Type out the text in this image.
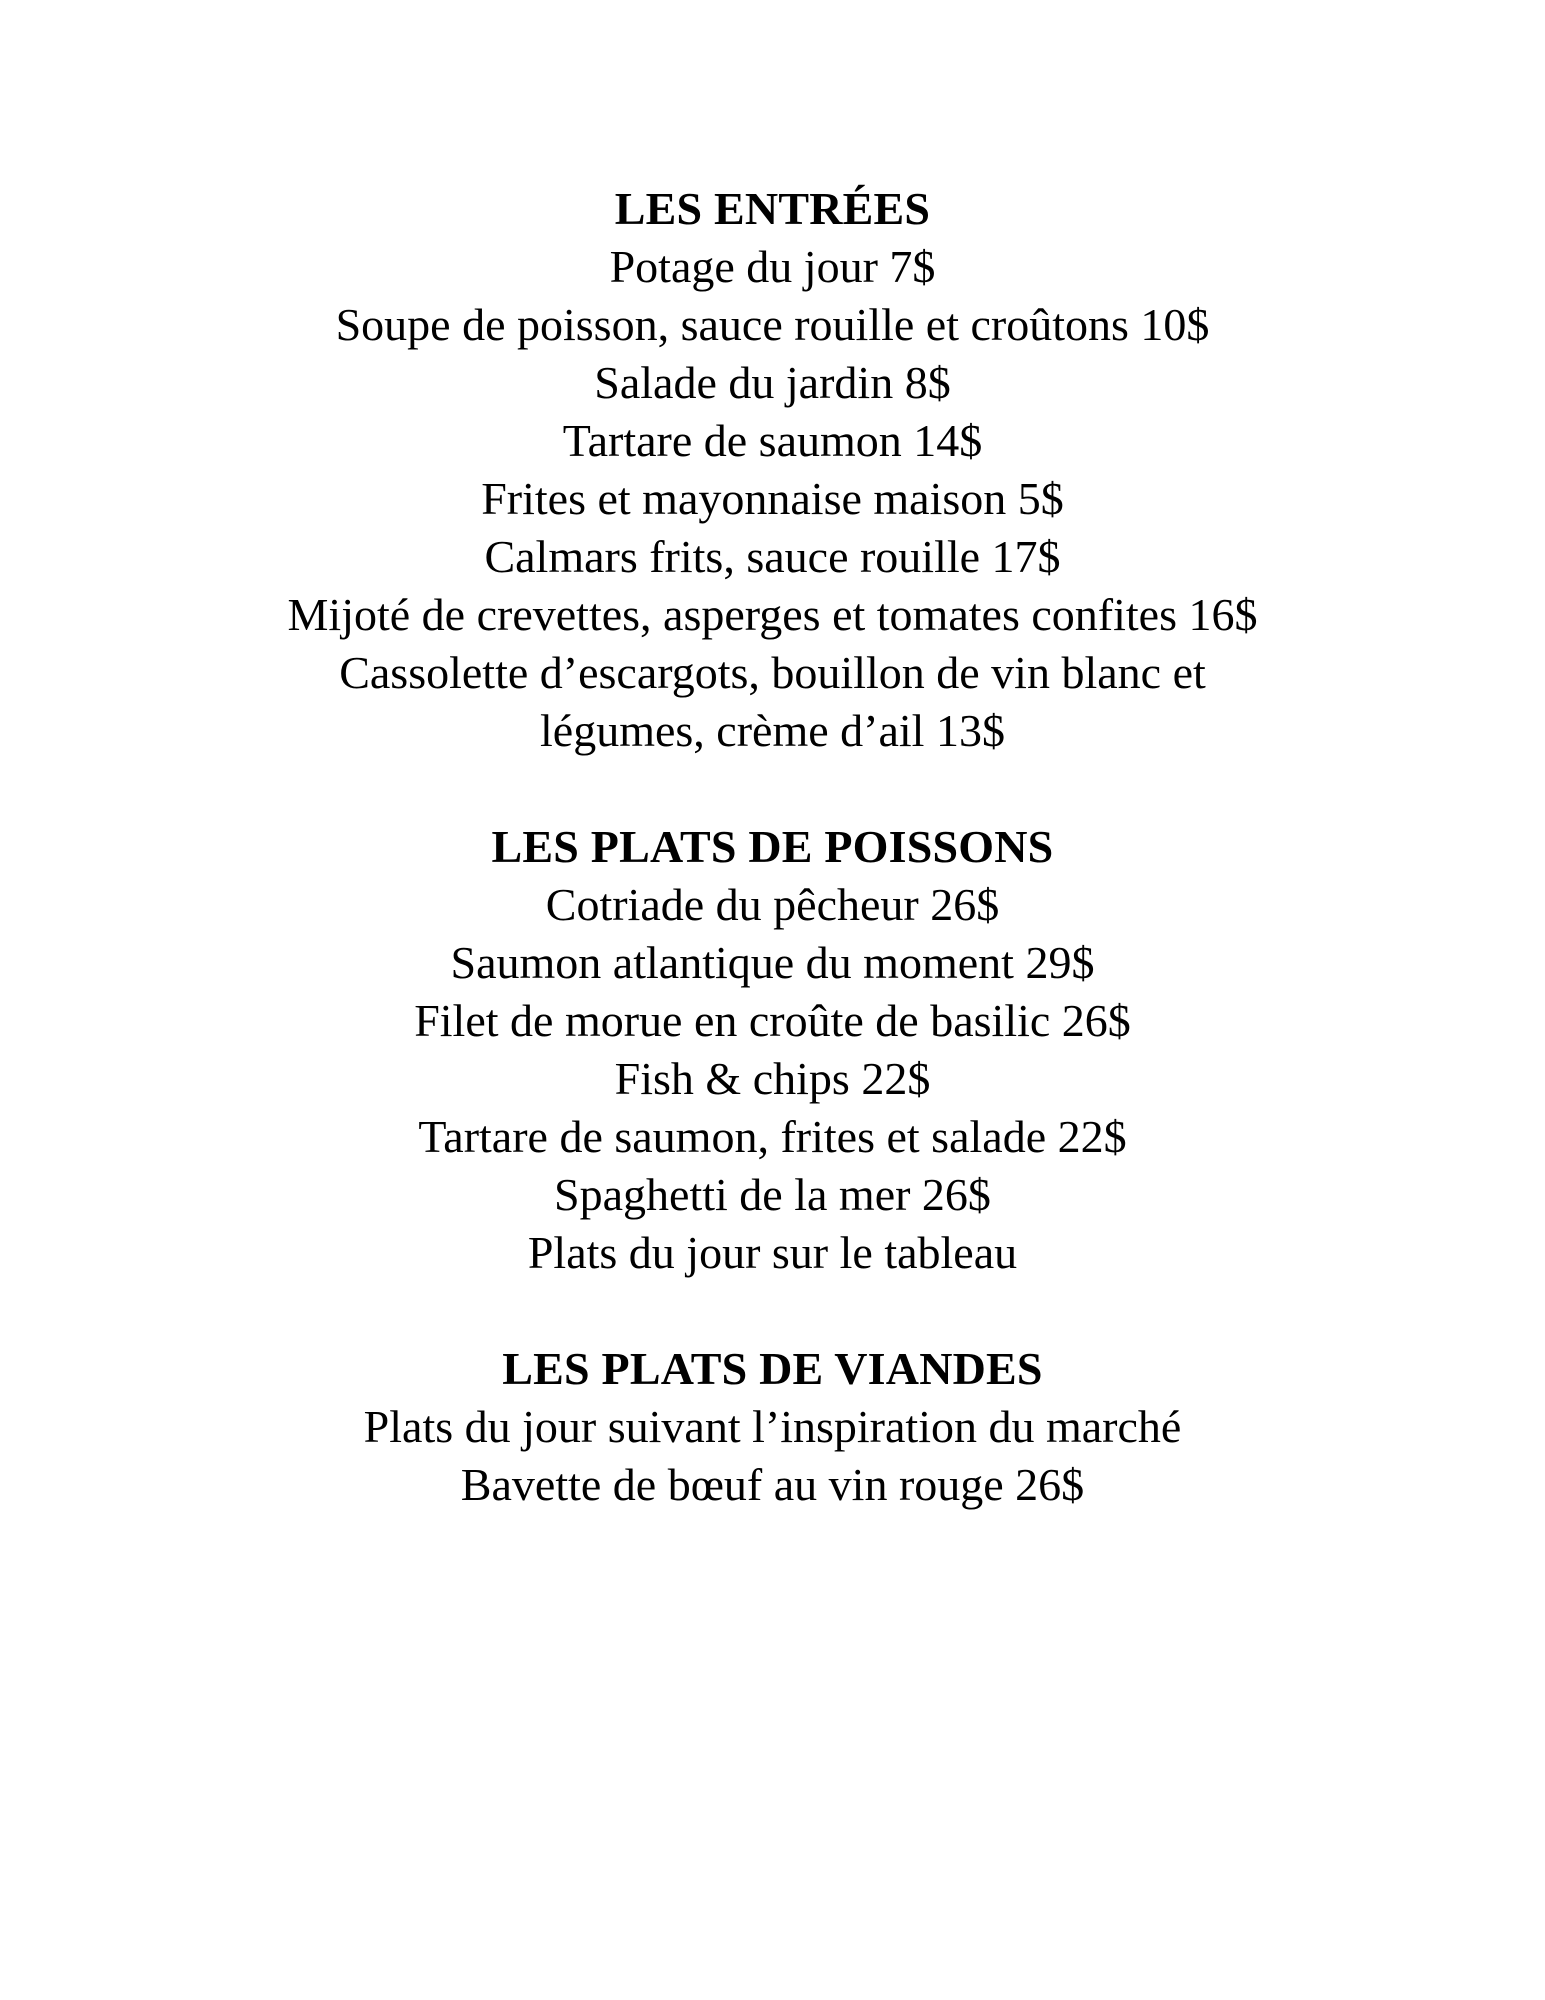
LES ENTRÉES
Potage du jour 7$
Soupe de poisson, sauce rouille et croûtons 10$
Salade du jardin 8$
Tartare de saumon 14$
Frites et mayonnaise maison 5$
Calmars frits, sauce rouille 17$
Mijoté de crevettes, asperges et tomates confites 16$
Cassolette d’escargots, bouillon de vin blanc et légumes, crème d’ail 13$
LES PLATS DE POISSONS
Cotriade du pêcheur 26$
Saumon atlantique du moment 29$
Filet de morue en croûte de basilic 26$
Fish & chips 22$
Tartare de saumon, frites et salade 22$
Spaghetti de la mer 26$
Plats du jour sur le tableau
LES PLATS DE VIANDES
Plats du jour suivant l’inspiration du marché
Bavette de bœuf au vin rouge 26$
